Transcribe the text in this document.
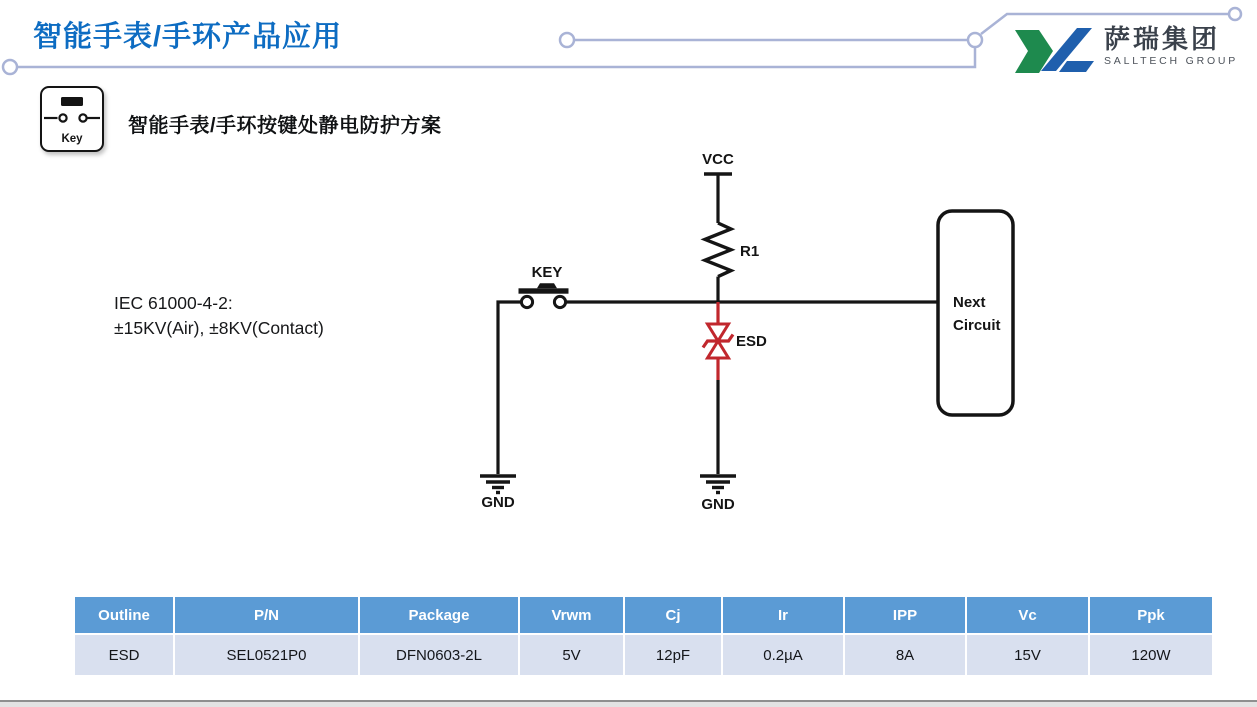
智能手表/手环产品应用	萨瑞集团
SALLTECH GROUP
Key
智能手表/手环按键处静电防护方案
IEC 61000-4-2:
±15KV(Air), ±8KV(Contact)
VCC
R1
KEY
ESD
GND	GND
Next
Circuit
Outline	P/N	Package	Vrwm	Cj	Ir	IPP	Vc	Ppk
ESD	SEL0521P0	DFN0603-2L	5V	12pF	0.2µA	8A	15V	120W
